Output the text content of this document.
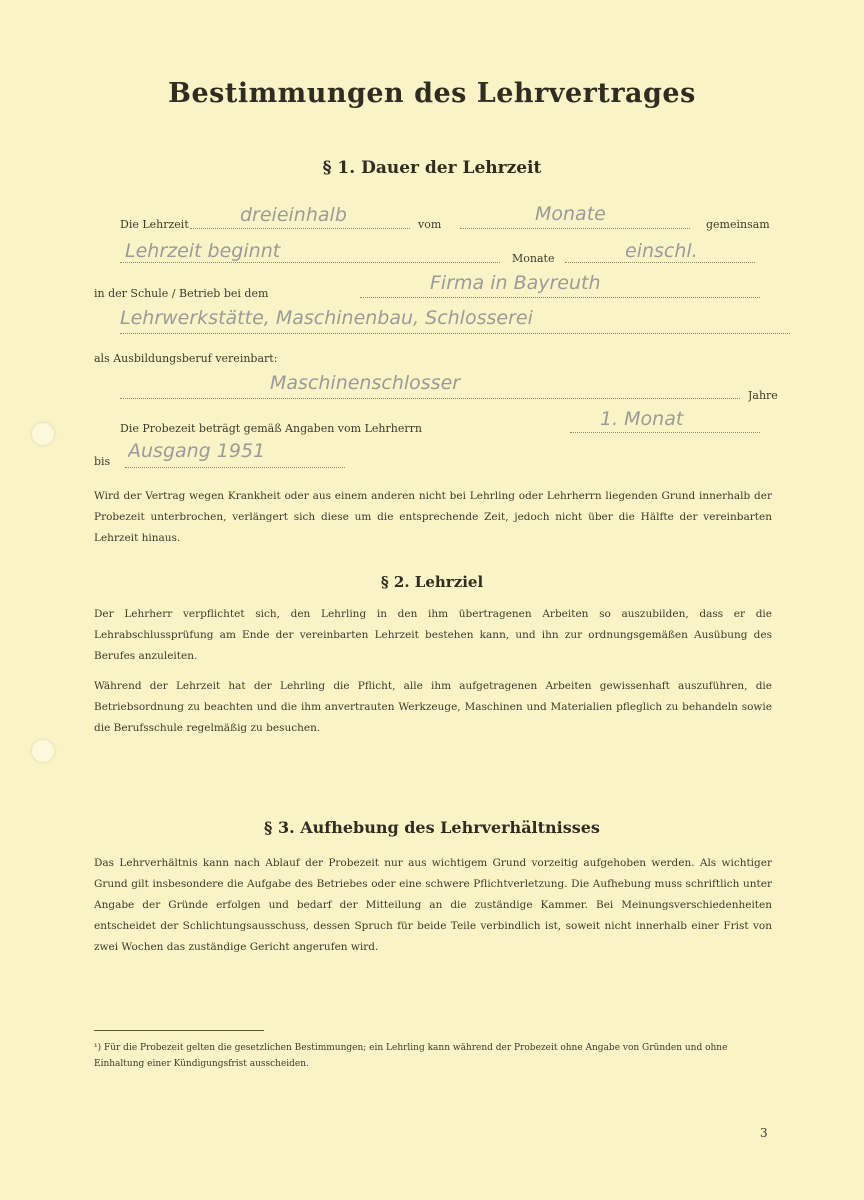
Bestimmungen des Lehrvertrages
§ 1. Dauer der Lehrzeit
Die Lehrzeit	dreieinhalb	vom	Monate	gemeinsam
Lehrzeit beginnt	Monate	einschl.
in der Schule / Betrieb bei dem	Firma in Bayreuth
Lehrwerkstätte, Maschinenbau, Schlosserei
als Ausbildungsberuf vereinbart:
Maschinenschlosser
Jahre
Die Probezeit beträgt gemäß Angaben vom Lehrherrn	1. Monat
bis Ausgang 1951
Wird der Vertrag wegen Krankheit oder aus einem anderen nicht bei Lehrling oder Lehrherrn liegenden Grund innerhalb der Probezeit unterbrochen, verlängert sich diese um die entsprechende Zeit, jedoch nicht über die Hälfte der vereinbarten Lehrzeit hinaus.
§ 2. Lehrziel
Der Lehrherr verpflichtet sich, den Lehrling in den ihm übertragenen Arbeiten so auszubilden, dass er die Lehrabschlussprüfung am Ende der vereinbarten Lehrzeit bestehen kann, und ihn zur ordnungsgemäßen Ausübung des Berufes anzuleiten.
Während der Lehrzeit hat der Lehrling die Pflicht, alle ihm aufgetragenen Arbeiten gewissenhaft auszuführen, die Betriebsordnung zu beachten und die ihm anvertrauten Werkzeuge, Maschinen und Materialien pfleglich zu behandeln sowie die Berufsschule regelmäßig zu besuchen.
§ 3. Aufhebung des Lehrverhältnisses
Das Lehrverhältnis kann nach Ablauf der Probezeit nur aus wichtigem Grund vorzeitig aufgehoben werden. Als wichtiger Grund gilt insbesondere die Aufgabe des Betriebes oder eine schwere Pflichtverletzung. Die Aufhebung muss schriftlich unter Angabe der Gründe erfolgen und bedarf der Mitteilung an die zuständige Kammer. Bei Meinungsverschiedenheiten entscheidet der Schlichtungsausschuss, dessen Spruch für beide Teile verbindlich ist, soweit nicht innerhalb einer Frist von zwei Wochen das zuständige Gericht angerufen wird.
¹) Für die Probezeit gelten die gesetzlichen Bestimmungen; ein Lehrling kann während der Probezeit ohne Angabe von Gründen und ohne Einhaltung einer Kündigungsfrist ausscheiden.
3
